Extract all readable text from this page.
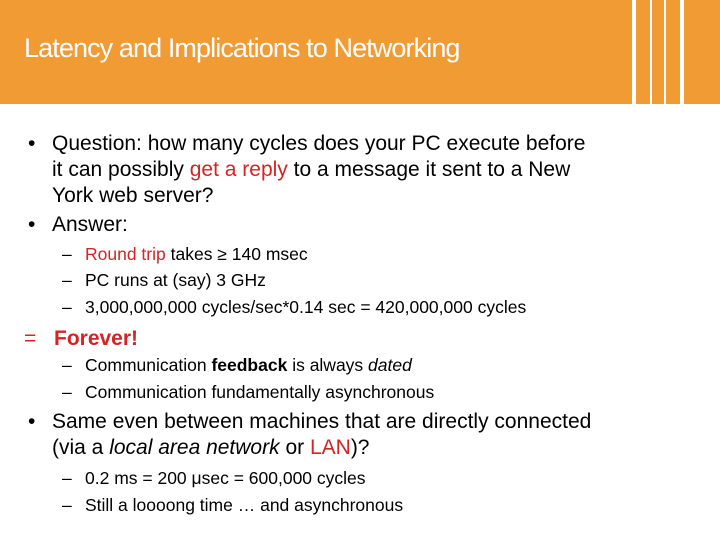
Latency and Implications to Networking
• Question: how many cycles does your PC execute before
it can possibly get a reply to a message it sent to a New
York web server?
• Answer:
– Round trip takes ≥ 140 msec
– PC runs at (say) 3 GHz
– 3,000,000,000 cycles/sec*0.14 sec = 420,000,000 cycles
= Forever!
– Communication feedback is always dated
– Communication fundamentally asynchronous
• Same even between machines that are directly connected
(via a local area network or LAN)?
– 0.2 ms = 200 μsec = 600,000 cycles
– Still a loooong time … and asynchronous
